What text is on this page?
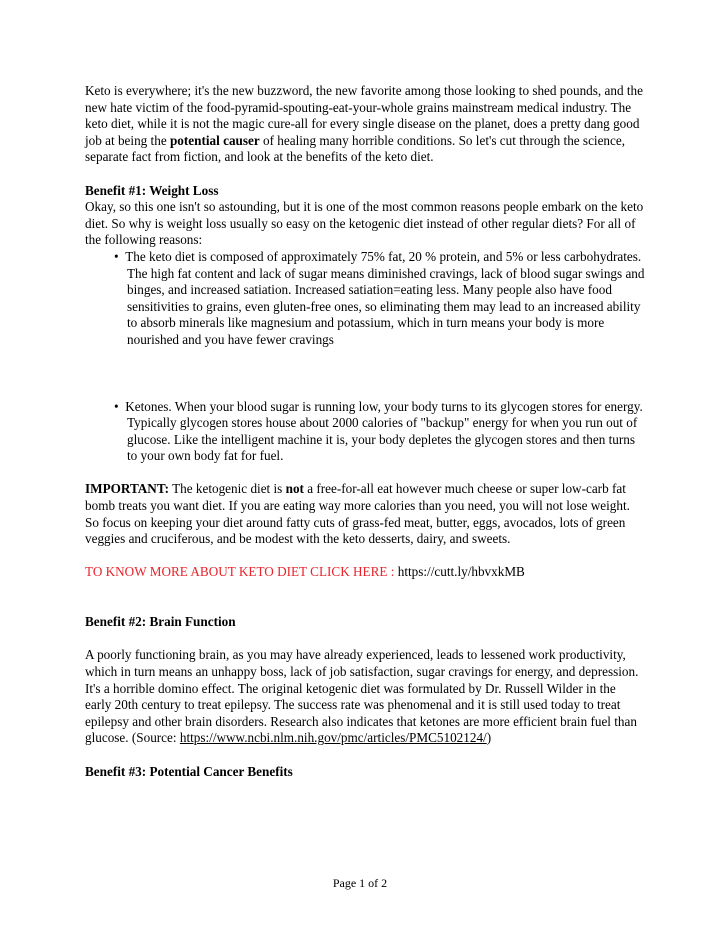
Keto is everywhere; it's the new buzzword, the new favorite among those looking to shed pounds, and the new hate victim of the food-pyramid-spouting-eat-your-whole grains mainstream medical industry. The keto diet, while it is not the magic cure-all for every single disease on the planet, does a pretty dang good job at being the potential causer of healing many horrible conditions. So let's cut through the science, separate fact from fiction, and look at the benefits of the keto diet.

Benefit #1: Weight Loss

Okay, so this one isn't so astounding, but it is one of the most common reasons people embark on the keto diet. So why is weight loss usually so easy on the ketogenic diet instead of other regular diets? For all of the following reasons:

• The keto diet is composed of approximately 75% fat, 20 % protein, and 5% or less carbohydrates. The high fat content and lack of sugar means diminished cravings, lack of blood sugar swings and binges, and increased satiation. Increased satiation=eating less. Many people also have food sensitivities to grains, even gluten-free ones, so eliminating them may lead to an increased ability to absorb minerals like magnesium and potassium, which in turn means your body is more nourished and you have fewer cravings
• Ketones. When your blood sugar is running low, your body turns to its glycogen stores for energy. Typically glycogen stores house about 2000 calories of "backup" energy for when you run out of glucose. Like the intelligent machine it is, your body depletes the glycogen stores and then turns to your own body fat for fuel.

IMPORTANT: The ketogenic diet is not a free-for-all eat however much cheese or super low-carb fat bomb treats you want diet. If you are eating way more calories than you need, you will not lose weight. So focus on keeping your diet around fatty cuts of grass-fed meat, butter, eggs, avocados, lots of green veggies and cruciferous, and be modest with the keto desserts, dairy, and sweets.

TO KNOW MORE ABOUT KETO DIET CLICK HERE : https://cutt.ly/hbvxkMB

Benefit #2: Brain Function

A poorly functioning brain, as you may have already experienced, leads to lessened work productivity, which in turn means an unhappy boss, lack of job satisfaction, sugar cravings for energy, and depression. It's a horrible domino effect. The original ketogenic diet was formulated by Dr. Russell Wilder in the early 20th century to treat epilepsy. The success rate was phenomenal and it is still used today to treat epilepsy and other brain disorders. Research also indicates that ketones are more efficient brain fuel than glucose. (Source: https://www.ncbi.nlm.nih.gov/pmc/articles/PMC5102124/)

Benefit #3: Potential Cancer Benefits

Page 1 of 2
